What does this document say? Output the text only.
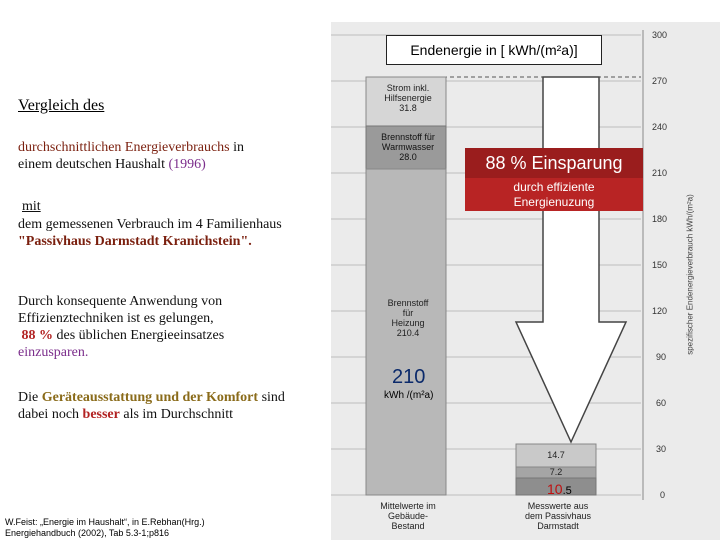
Vergleich des
durchschnittlichen Energieverbrauchs in
einem deutschen Haushalt (1996)
mit
dem gemessenen Verbrauch im 4 Familienhaus
"Passivhaus Darmstadt Kranichstein".
Durch konsequente Anwendung von
Effizienztechniken ist es gelungen,
88 % des üblichen Energieeinsatzes
einzusparen.
Die Geräteausstattung und der Komfort sind
dabei noch besser als im Durchschnitt
W.Feist: „Energie im Haushalt“, in E.Rebhan(Hrg.)
Energiehandbuch (2002), Tab 5.3-1;p816
Endenergie in [ kWh/(m²a)]
Strom inkl.
Hilfsenergie
31.8
Brennstoff für
Warmwasser
28.0
Brennstoff
für
Heizung
210.4
88 % Einsparung
durch effiziente
Energienuzung
210
kWh /(m²a)
14.7
7.2
10.5
Mittelwerte im
Gebäude-
Bestand
Messwerte aus
dem Passivhaus
Darmstadt
300
270
240
210
180
150
120
90
60
30
0
spezifischer Endenergieverbrauch kWh/(m²a)
